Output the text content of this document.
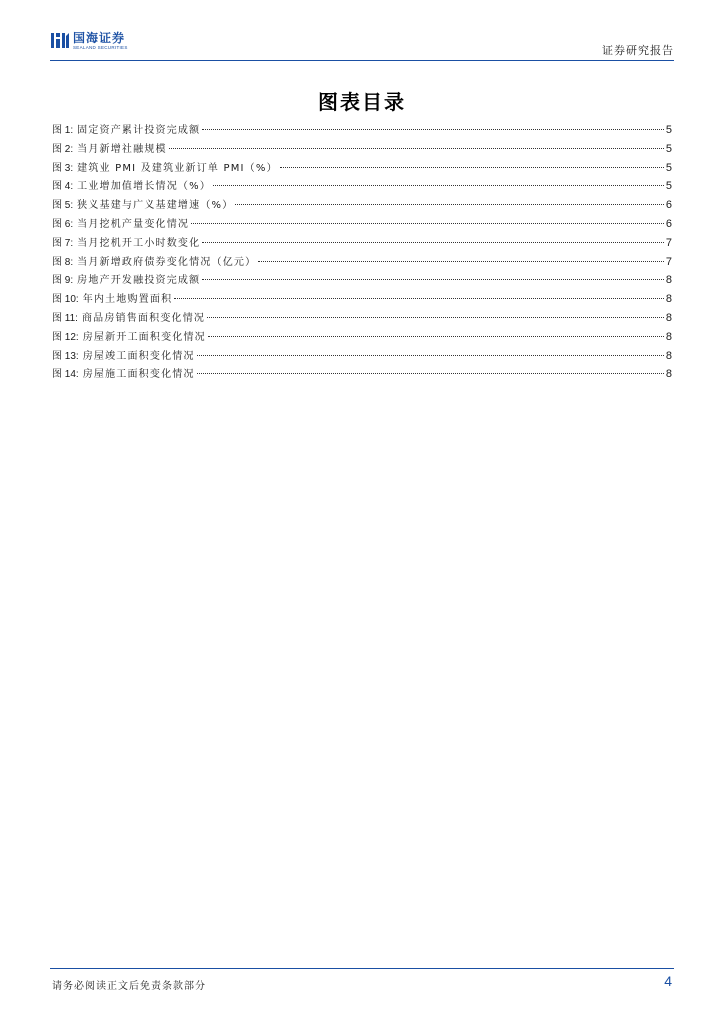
国海证券
SEALAND SECURITIES	证券研究报告
图表目录
图 1: 固定资产累计投资完成额	5
图 2: 当月新增社融规模	5
图 3: 建筑业 PMI 及建筑业新订单 PMI（%）	5
图 4: 工业增加值增长情况（%）	5
图 5: 狭义基建与广义基建增速（%）	6
图 6: 当月挖机产量变化情况	6
图 7: 当月挖机开工小时数变化	7
图 8: 当月新增政府债券变化情况（亿元）	7
图 9: 房地产开发融投资完成额	8
图 10: 年内土地购置面积	8
图 11: 商品房销售面积变化情况	8
图 12: 房屋新开工面积变化情况	8
图 13: 房屋竣工面积变化情况	8
图 14: 房屋施工面积变化情况	8
请务必阅读正文后免责条款部分	4
